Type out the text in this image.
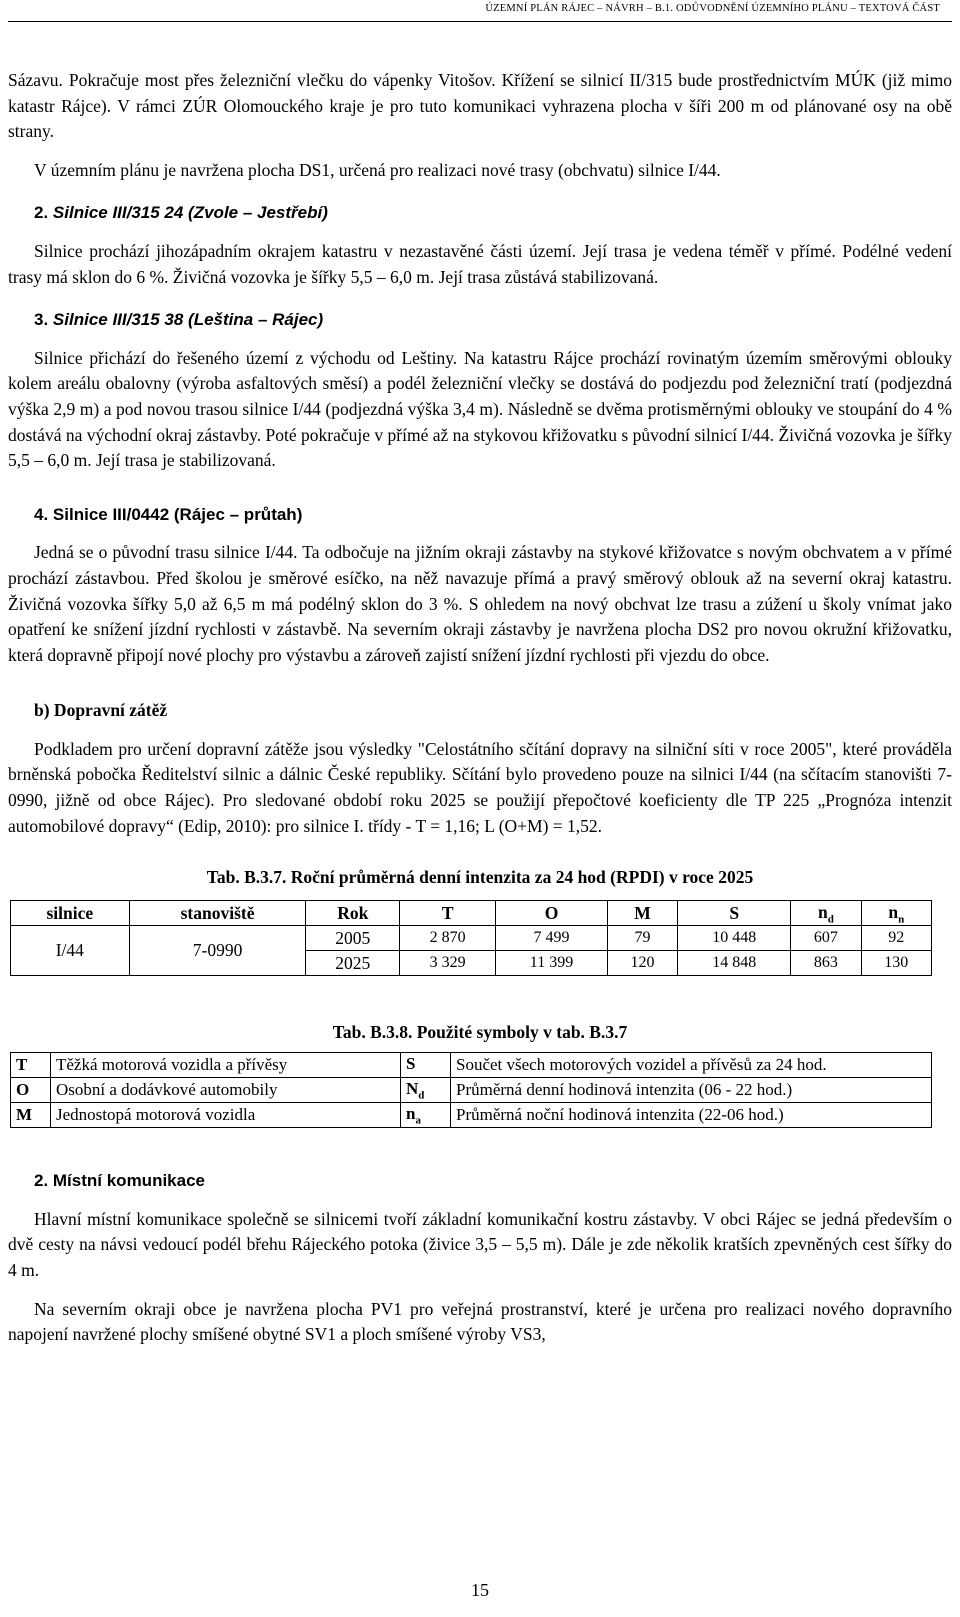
ÚZEMNÍ PLÁN RÁJEC – NÁVRH – B.1. ODŮVODNĚNÍ ÚZEMNÍHO PLÁNU – TEXTOVÁ ČÁST

Sázavu. Pokračuje most přes železniční vlečku do vápenky Vitošov. Křížení se silnicí II/315 bude prostřednictvím MÚK (již mimo katastr Rájce). V rámci ZÚR Olomouckého kraje je pro tuto komunikaci vyhrazena plocha v šíři 200 m od plánované osy na obě strany.

V územním plánu je navržena plocha DS1, určená pro realizaci nové trasy (obchvatu) silnice I/44.

2. Silnice III/315 24 (Zvole – Jestřebí)

Silnice prochází jihozápadním okrajem katastru v nezastavěné části území. Její trasa je vedena téměř v přímé. Podélné vedení trasy má sklon do 6 %. Živičná vozovka je šířky 5,5 – 6,0 m. Její trasa zůstává stabilizovaná.

3. Silnice III/315 38 (Leština – Rájec)

Silnice přichází do řešeného území z východu od Leštiny. Na katastru Rájce prochází rovinatým územím směrovými oblouky kolem areálu obalovny (výroba asfaltových směsí) a podél železniční vlečky se dostává do podjezdu pod železniční tratí (podjezdná výška 2,9 m) a pod novou trasou silnice I/44 (podjezdná výška 3,4 m). Následně se dvěma protisměrnými oblouky ve stoupání do 4 % dostává na východní okraj zástavby. Poté pokračuje v přímé až na stykovou křižovatku s původní silnicí I/44. Živičná vozovka je šířky 5,5 – 6,0 m. Její trasa je stabilizovaná.

4. Silnice III/0442 (Rájec – průtah)

Jedná se o původní trasu silnice I/44. Ta odbočuje na jižním okraji zástavby na stykové křižovatce s novým obchvatem a v přímé prochází zástavbou. Před školou je směrové esíčko, na něž navazuje přímá a pravý směrový oblouk až na severní okraj katastru. Živičná vozovka šířky 5,0 až 6,5 m má podélný sklon do 3 %. S ohledem na nový obchvat lze trasu a zúžení u školy vnímat jako opatření ke snížení jízdní rychlosti v zástavbě. Na severním okraji zástavby je navržena plocha DS2 pro novou okružní křižovatku, která dopravně připojí nové plochy pro výstavbu a zároveň zajistí snížení jízdní rychlosti při vjezdu do obce.

b) Dopravní zátěž

Podkladem pro určení dopravní zátěže jsou výsledky "Celostátního sčítání dopravy na silniční síti v roce 2005", které prováděla brněnská pobočka Ředitelství silnic a dálnic České republiky. Sčítání bylo provedeno pouze na silnici I/44 (na sčítacím stanovišti 7-0990, jižně od obce Rájec). Pro sledované období roku 2025 se použijí přepočtové koeficienty dle TP 225 „Prognóza intenzit automobilové dopravy“ (Edip, 2010): pro silnice I. třídy - T = 1,16; L (O+M) = 1,52.

Tab. B.3.7. Roční průměrná denní intenzita za 24 hod (RPDI) v roce 2025

silnice	stanoviště	Rok	T	O	M	S	$n_d$	$n_n$
I/44	7-0990	2005	2 870	7 499	79	10 448	607	92
		2025	3 329	11 399	120	14 848	863	130

Tab. B.3.8. Použité symboly v tab. B.3.7

T	Těžká motorová vozidla a přívěsy	S	Součet všech motorových vozidel a přívěsů za 24 hod.
O	Osobní a dodávkové automobily	$N_d$	Průměrná denní hodinová intenzita (06 - 22 hod.)
M	Jednostopá motorová vozidla	$n_a$	Průměrná noční hodinová intenzita (22-06 hod.)
2. Místní komunikace

Hlavní místní komunikace společně se silnicemi tvoří základní komunikační kostru zástavby. V obci Rájec se jedná především o dvě cesty na návsi vedoucí podél břehu Rájeckého potoka (živice 3,5 – 5,5 m). Dále je zde několik kratších zpevněných cest šířky do 4 m.

Na severním okraji obce je navržena plocha PV1 pro veřejná prostranství, které je určena pro realizaci nového dopravního napojení navržené plochy smíšené obytné SV1 a ploch smíšené výroby VS3,

15
